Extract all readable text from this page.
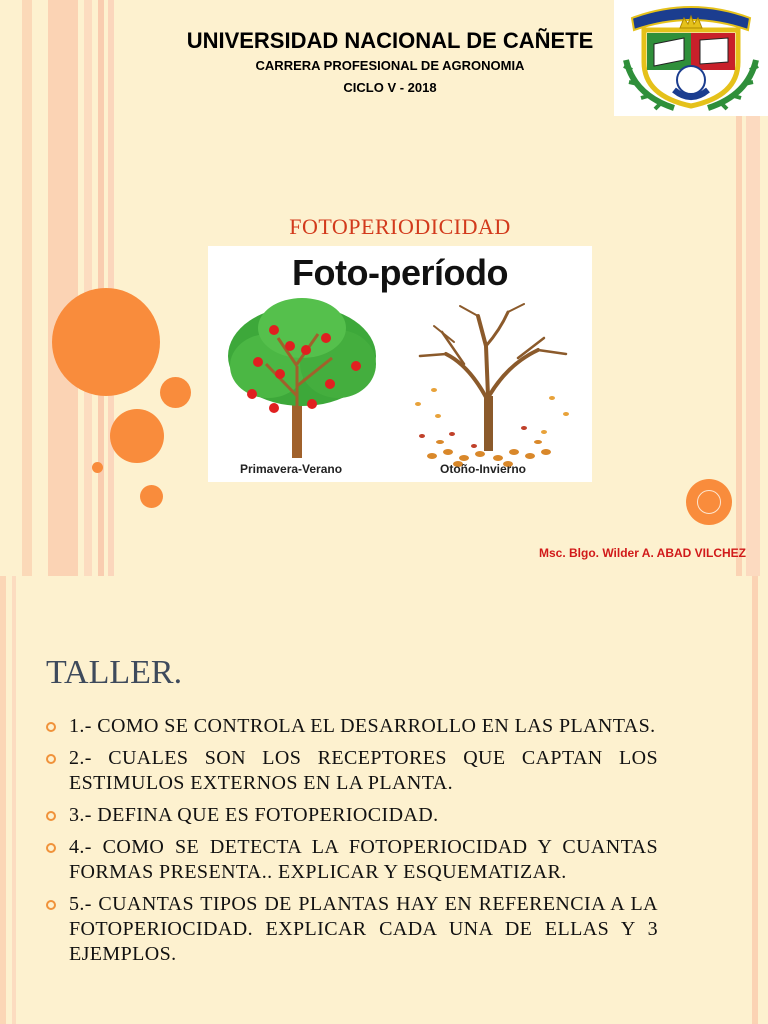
UNIVERSIDAD NACIONAL DE CAÑETE
CARRERA PROFESIONAL DE AGRONOMIA
CICLO V - 2018
FOTOPERIODICIDAD
Foto-período
Primavera-Verano	Otoño-Invierno
Msc. Blgo. Wilder A. ABAD VILCHEZ
TALLER.
1.- COMO SE CONTROLA EL DESARROLLO EN LAS PLANTAS.
2.- CUALES SON LOS RECEPTORES QUE CAPTAN LOS ESTIMULOS EXTERNOS EN LA PLANTA.
3.- DEFINA QUE ES FOTOPERIOCIDAD.
4.- COMO SE DETECTA LA FOTOPERIOCIDAD Y CUANTAS FORMAS PRESENTA.. EXPLICAR Y ESQUEMATIZAR.
5.- CUANTAS TIPOS DE PLANTAS HAY EN REFERENCIA A LA FOTOPERIOCIDAD. EXPLICAR CADA UNA DE ELLAS Y 3 EJEMPLOS.
